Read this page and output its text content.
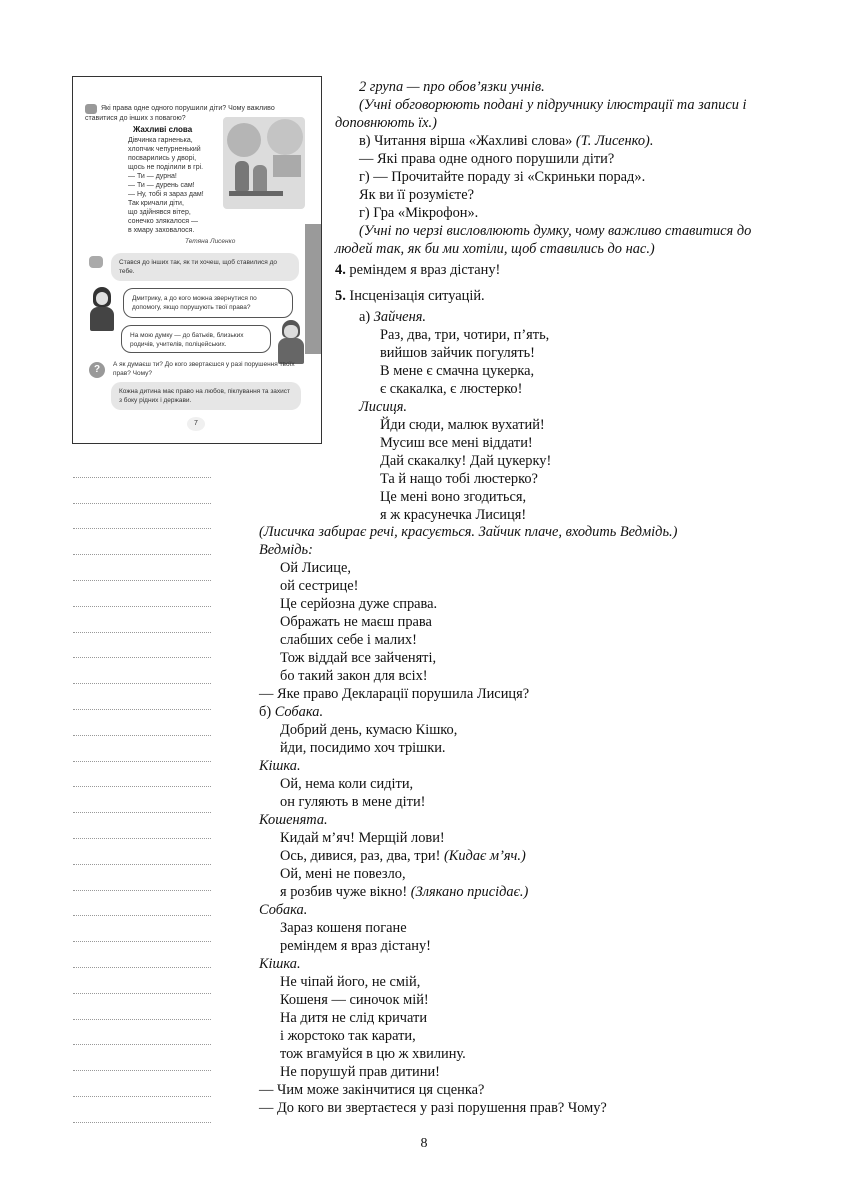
Які права одне одного порушили діти? Чому важливо ставитися до інших з повагою?
Жахливі слова
Дівчинка гарненька,
хлопчик чепурненький
посварились у дворі,
щось не поділили в грі.
— Ти — дурна!
— Ти — дурень сам!
— Ну, тобі я зараз дам!
Так кричали діти,
що здійнявся вітер,
сонечко злякалося —
в хмару заховалося.
Тетяна Лисенко
Стався до інших так, як ти хочеш, щоб ставилися до тебе.
Дмитрику, а до кого можна звернутися по допомогу, якщо порушують твої права?
На мою думку — до батьків, близьких родичів, учителів, поліцейських.
?	А як думаєш ти? До кого звертаєшся у разі порушення твоїх прав? Чому?
Кожна дитина має право на любов, піклування та захист з боку рідних і держави.
7
2 група — про обов’язки учнів.
(Учні обговорюють подані у підручнику ілюстрації та записи і
доповнюють їх.)
в) Читання вірша «Жахливі слова» (Т. Лисенко).
— Які права одне одного порушили діти?
г) — Прочитайте пораду зі «Скриньки порад».
Як ви її розумієте?
г) Гра «Мікрофон».
(Учні по черзі висловлюють думку, чому важливо ставитися до
людей так, як би ми хотіли, щоб ставились до нас.)
4. реміндем я враз дістану!
5. Інсценізація ситуацій.
а) Зайченя.
Раз, два, три, чотири, п’ять,
вийшов зайчик погулять!
В мене є смачна цукерка,
є скакалка, є люстерко!
Лисиця.
Йди сюди, малюк вухатий!
Мусиш все мені віддати!
Дай скакалку! Дай цукерку!
Та й нащо тобі люстерко?
Це мені воно згодиться,
я ж красунечка Лисиця!
(Лисичка забирає речі, красується. Зайчик плаче, входить Ведмідь.)
Ведмідь:
Ой Лисице,
ой сестрице!
Це серйозна дуже справа.
Ображать не маєш права
слабших себе і малих!
Тож віддай все зайченяті,
бо такий закон для всіх!
— Яке право Декларації порушила Лисиця?
б) Собака.
Добрий день, кумасю Кішко,
йди, посидимо хоч трішки.
Кішка.
Ой, нема коли сидіти,
он гуляють в мене діти!
Кошенята.
Кидай м’яч! Мерщій лови!
Ось, дивися, раз, два, три! (Кидає м’яч.)
Ой, мені не повезло,
я розбив чуже вікно! (Злякано присідає.)
Собака.
Зараз кошеня погане
реміндем я враз дістану!
Кішка.
Не чіпай його, не смій,
Кошеня — синочок мій!
На дитя не слід кричати
і жорстоко так карати,
тож вгамуйся в цю ж хвилину.
Не порушуй прав дитини!
— Чим може закінчитися ця сценка?
— До кого ви звертаєтеся у разі порушення прав? Чому?
8
